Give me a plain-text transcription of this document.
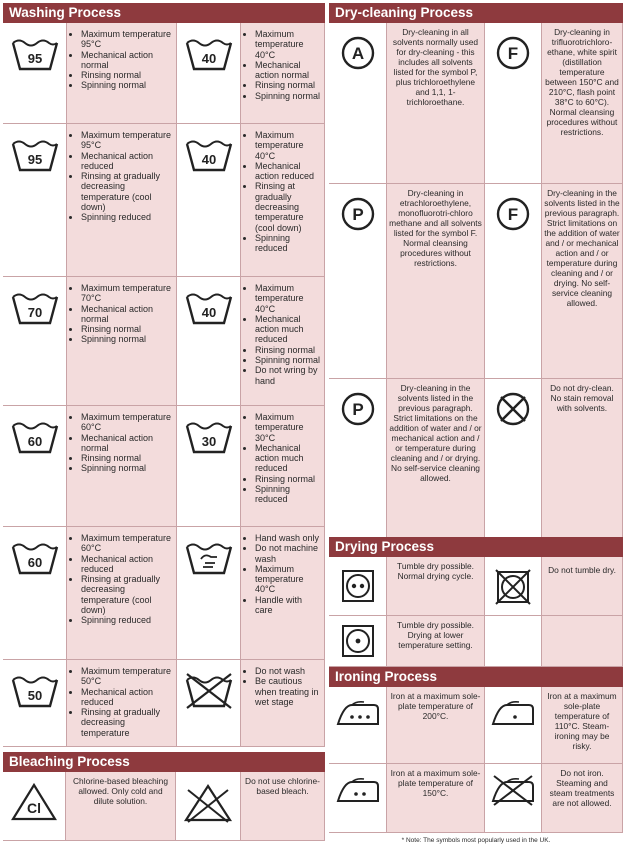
Washing Process
95
• Maximum temperature 95°C
• Mechanical action normal
• Rinsing normal
• Spinning normal
40
• Maximum temperature 40°C
• Mechanical action normal
• Rinsing normal
• Spinning normal
95
• Maximum temperature 95°C
• Mechanical action reduced
• Rinsing at gradually decreasing temperature (cool down)
• Spinning reduced
40
• Maximum temperature 40°C
• Mechanical action reduced
• Rinsing at gradually decreasing temperature (cool down)
• Spinning reduced
70
• Maximum temperature 70°C
• Mechanical action normal
• Rinsing normal
• Spinning normal
40
• Maximum temperature 40°C
• Mechanical action much reduced
• Rinsing normal
• Spinning normal
• Do not wring by hand
60
• Maximum temperature 60°C
• Mechanical action normal
• Rinsing normal
• Spinning normal
30
• Maximum temperature 30°C
• Mechanical action much reduced
• Rinsing normal
• Spinning reduced
60
• Maximum temperature 60°C
• Mechanical action reduced
• Rinsing at gradually decreasing temperature (cool down)
• Spinning reduced
• Hand wash only
• Do not machine wash
• Maximum temperature 40°C
• Handle with care
50
• Maximum temperature 50°C
• Mechanical action reduced
• Rinsing at gradually decreasing temperature
• Do not wash
• Be cautious when treating in wet stage
Bleaching Process
Cl
Chlorine-based bleaching allowed. Only cold and dilute solution.
Do not use chlorine-based bleach.
Dry-cleaning Process
A
Dry-cleaning in all solvents normally used for dry-cleaning - this includes all solvents listed for the symbol P, plus trichloroethylene and 1,1, 1-trichloroethane.
F
Dry-cleaning in trifluorotrichloro-ethane, white spirit (distillation temperature between 150°C and 210°C, flash point 38°C to 60°C). Normal cleansing procedures without restrictions.
P
Dry-cleaning in etrachloroethylene, monofluorotri-chloro methane and all solvents listed for the symbol F. Normal cleansing procedures without restrictions.
F
Dry-cleaning in the solvents listed in the previous paragraph. Strict limitations on the addition of water and / or mechanical action and / or temperature during cleaning and / or drying. No self-service cleaning allowed.
P
Dry-cleaning in the solvents listed in the previous paragraph. Strict limitations on the addition of water and / or mechanical action and / or temperature during cleaning and / or drying. No self-service cleaning allowed.
Do not dry-clean. No stain removal with solvents.
Drying Process
Tumble dry possible. Normal drying cycle.
Do not tumble dry.
Tumble dry possible. Drying at lower temperature setting.
Ironing Process
Iron at a maximum sole-plate temperature of 200°C.
Iron at a maximum sole-plate temperature of 110°C. Steam-ironing may be risky.
Iron at a maximum sole-plate temperature of 150°C.
Do not iron. Steaming and steam treatments are not allowed.
* Note: The symbols most popularly used in the UK.
